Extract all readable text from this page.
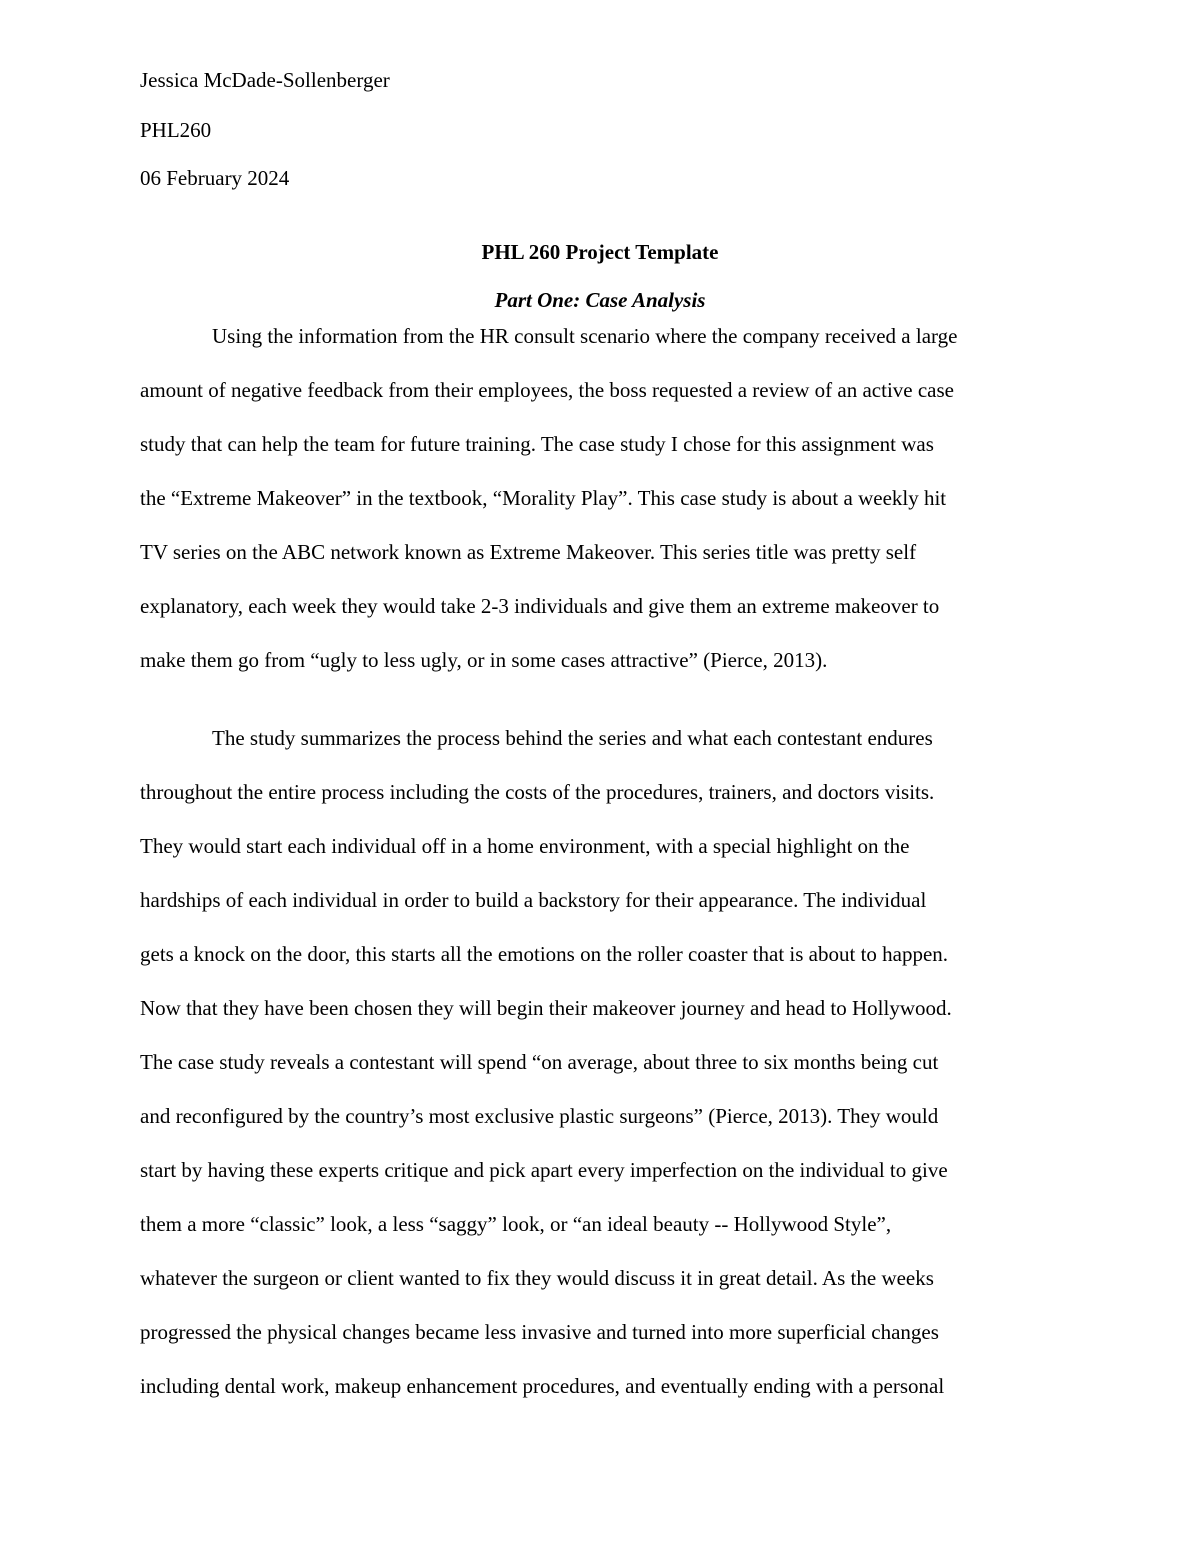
Jessica McDade-Sollenberger
PHL260
06 February 2024
PHL 260 Project Template
Part One: Case Analysis
Using the information from the HR consult scenario where the company received a large
amount of negative feedback from their employees, the boss requested a review of an active case
study that can help the team for future training. The case study I chose for this assignment was
the “Extreme Makeover” in the textbook, “Morality Play”. This case study is about a weekly hit
TV series on the ABC network known as Extreme Makeover. This series title was pretty self
explanatory, each week they would take 2-3 individuals and give them an extreme makeover to
make them go from “ugly to less ugly, or in some cases attractive” (Pierce, 2013).
The study summarizes the process behind the series and what each contestant endures
throughout the entire process including the costs of the procedures, trainers, and doctors visits.
They would start each individual off in a home environment, with a special highlight on the
hardships of each individual in order to build a backstory for their appearance. The individual
gets a knock on the door, this starts all the emotions on the roller coaster that is about to happen.
Now that they have been chosen they will begin their makeover journey and head to Hollywood.
The case study reveals a contestant will spend “on average, about three to six months being cut
and reconfigured by the country’s most exclusive plastic surgeons” (Pierce, 2013). They would
start by having these experts critique and pick apart every imperfection on the individual to give
them a more “classic” look, a less “saggy” look, or “an ideal beauty -- Hollywood Style”,
whatever the surgeon or client wanted to fix they would discuss it in great detail. As the weeks
progressed the physical changes became less invasive and turned into more superficial changes
including dental work, makeup enhancement procedures, and eventually ending with a personal
